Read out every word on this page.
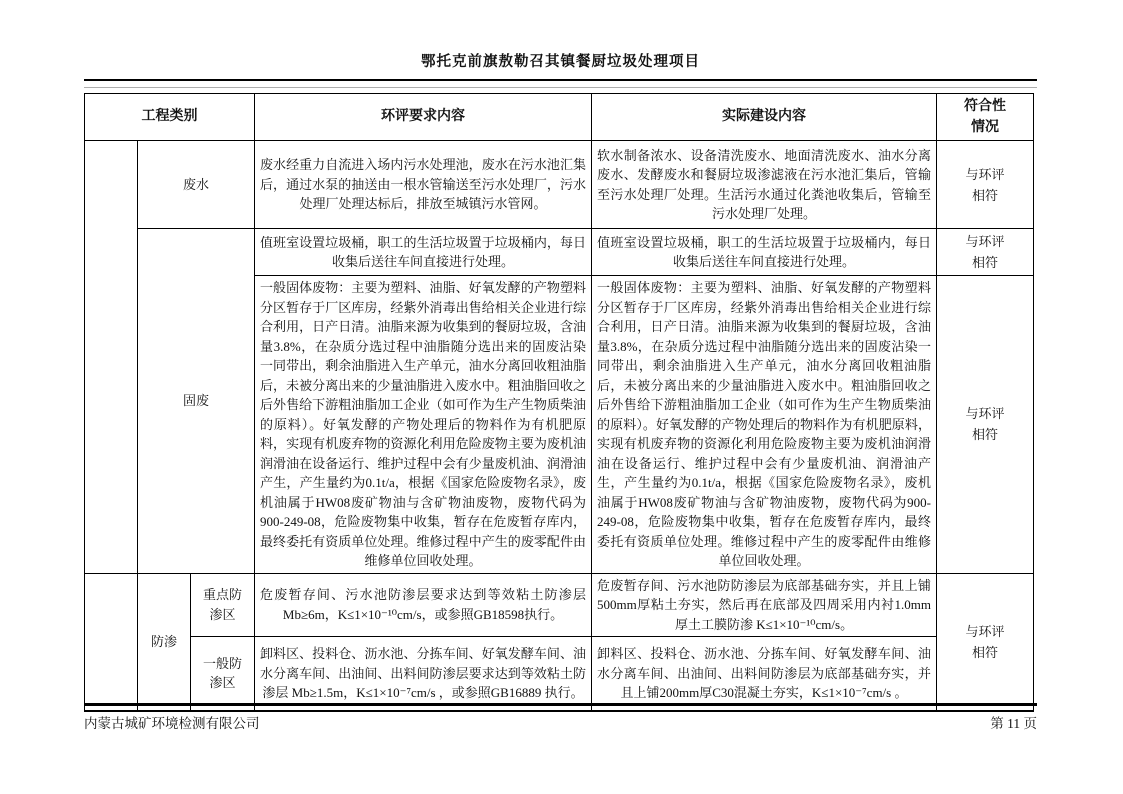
鄂托克前旗敖勒召其镇餐厨垃圾处理项目
工程类别			环评要求内容	实际建设内容	符合性情况
	废水		废水经重力自流进入场内污水处理池，废水在污水池汇集后，通过水泵的抽送由一根水管输送至污水处理厂，污水处理厂处理达标后，排放至城镇污水管网。	软水制备浓水、设备清洗废水、地面清洗废水、油水分离废水、发酵废水和餐厨垃圾渗滤液在污水池汇集后，管输至污水处理厂处理。生活污水通过化粪池收集后，管输至污水处理厂处理。	与环评相符
	固废		值班室设置垃圾桶，职工的生活垃圾置于垃圾桶内，每日收集后送往车间直接进行处理。	值班室设置垃圾桶，职工的生活垃圾置于垃圾桶内，每日收集后送往车间直接进行处理。	与环评相符
一般固体废物：主要为塑料、油脂、好氧发酵的产物塑料分区暂存于厂区库房，经紫外消毒出售给相关企业进行综合利用，日产日清。油脂来源为收集到的餐厨垃圾，含油量3.8%，在杂质分选过程中油脂随分选出来的固废沾染一同带出，剩余油脂进入生产单元，油水分离回收粗油脂后，未被分离出来的少量油脂进入废水中。粗油脂回收之后外售给下游粗油脂加工企业（如可作为生产生物质柴油的原料）。好氧发酵的产物处理后的物料作为有机肥原料，实现有机废弃物的资源化利用危险废物主要为废机油润滑油在设备运行、维护过程中会有少量废机油、润滑油产生，产生量约为0.1t/a，根据《国家危险废物名录》，废机油属于HW08废矿物油与含矿物油废物，废物代码为900-249-08，危险废物集中收集，暂存在危废暂存库内，最终委托有资质单位处理。维修过程中产生的废零配件由维修单位回收处理。	一般固体废物：主要为塑料、油脂、好氧发酵的产物塑料分区暂存于厂区库房，经紫外消毒出售给相关企业进行综合利用，日产日清。油脂来源为收集到的餐厨垃圾，含油量3.8%，在杂质分选过程中油脂随分选出来的固废沾染一同带出，剩余油脂进入生产单元，油水分离回收粗油脂后，未被分离出来的少量油脂进入废水中。粗油脂回收之后外售给下游粗油脂加工企业（如可作为生产生物质柴油的原料）。好氧发酵的产物处理后的物料作为有机肥原料，实现有机废弃物的资源化利用危险废物主要为废机油润滑油在设备运行、维护过程中会有少量废机油、润滑油产生，产生量约为0.1t/a，根据《国家危险废物名录》，废机油属于HW08废矿物油与含矿物油废物，废物代码为900-249-08，危险废物集中收集，暂存在危废暂存库内，最终委托有资质单位处理。维修过程中产生的废零配件由维修单位回收处理。	与环评相符
	防渗	重点防渗区	危废暂存间、污水池防渗层要求达到等效粘土防渗层Mb≥6m，K≤1×10⁻¹⁰cm/s，或参照GB18598执行。	危废暂存间、污水池防防渗层为底部基础夯实，并且上铺500mm厚粘土夯实，然后再在底部及四周采用内衬1.0mm厚土工膜防渗 K≤1×10⁻¹⁰cm/s。	与环评相符
		一般防渗区	卸料区、投料仓、沥水池、分拣车间、好氧发酵车间、油水分离车间、出油间、出料间防渗层要求达到等效粘土防渗层 Mb≥1.5m，K≤1×10⁻⁷cm/s ，或参照GB16889 执行。	卸料区、投料仓、沥水池、分拣车间、好氧发酵车间、油水分离车间、出油间、出料间防渗层为底部基础夯实，并且上铺200mm厚C30混凝土夯实，K≤1×10⁻⁷cm/s 。	
内蒙古城矿环境检测有限公司	第 11 页
